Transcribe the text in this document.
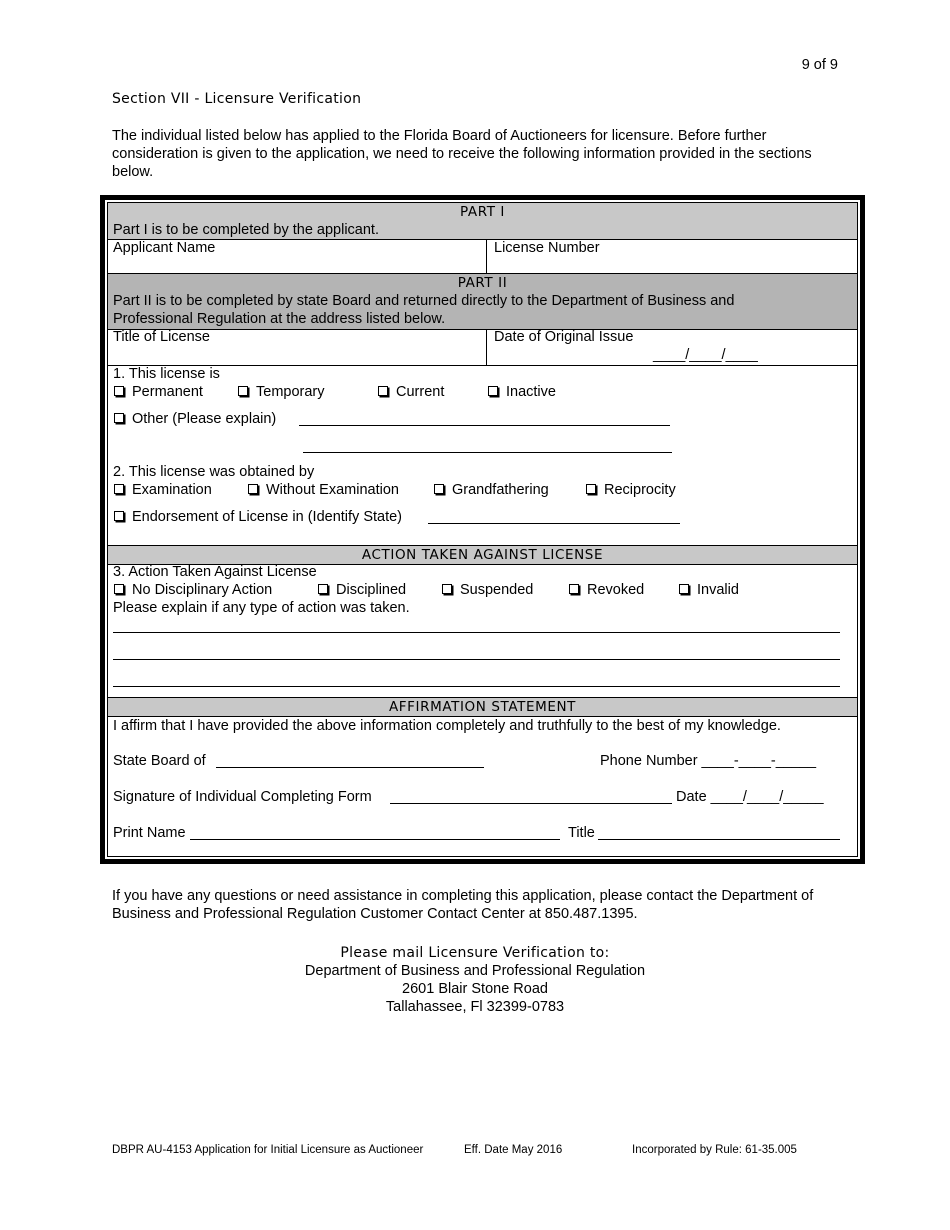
9 of 9
Section VII - Licensure Verification
The individual listed below has applied to the Florida Board of Auctioneers for licensure. Before further consideration is given to the application, we need to receive the following information provided in the sections below.
PART I
Part I is to be completed by the applicant.
Applicant Name	License Number
PART II
Part II is to be completed by state Board and returned directly to the Department of Business and Professional Regulation at the address listed below.
Title of License	Date of Original Issue
____/____/____
1. This license is
Permanent	Temporary	Current	Inactive
Other (Please explain)
2. This license was obtained by
Examination	Without Examination	Grandfathering	Reciprocity
Endorsement of License in (Identify State)
ACTION TAKEN AGAINST LICENSE
3. Action Taken Against License
No Disciplinary Action	Disciplined	Suspended	Revoked	Invalid
Please explain if any type of action was taken.
AFFIRMATION STATEMENT
I affirm that I have provided the above information completely and truthfully to the best of my knowledge.
State Board of	Phone Number ____-____-_____
Signature of Individual Completing Form	Date ____/____/_____
Print Name	Title
If you have any questions or need assistance in completing this application, please contact the Department of Business and Professional Regulation Customer Contact Center at 850.487.1395.
Please mail Licensure Verification to:
Department of Business and Professional Regulation
2601 Blair Stone Road
Tallahassee, Fl 32399-0783
DBPR AU-4153 Application for Initial Licensure as Auctioneer	Eff. Date May 2016	Incorporated by Rule: 61-35.005
